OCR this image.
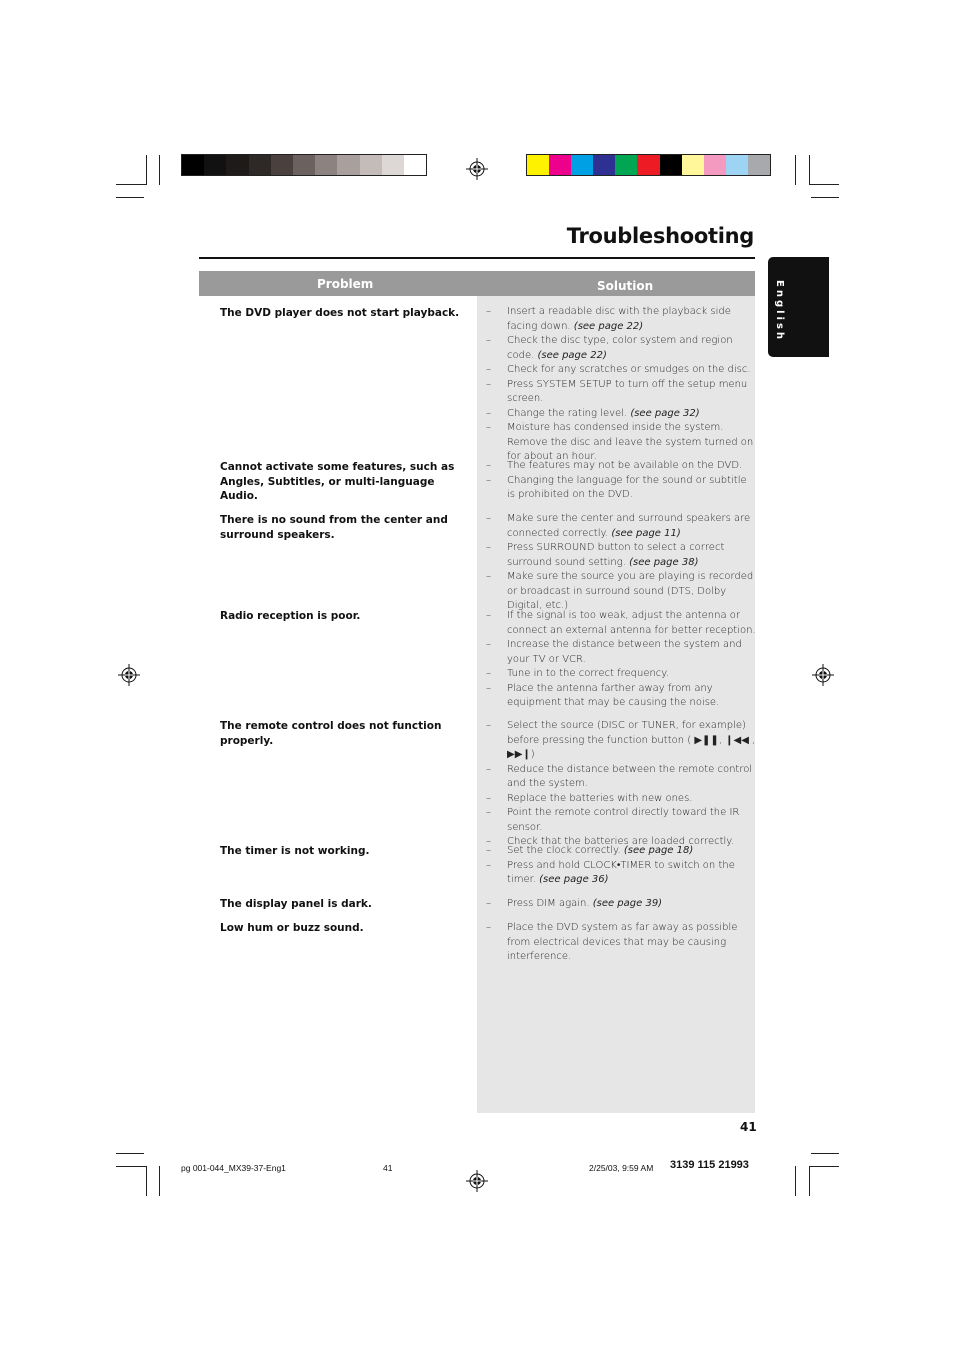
Troubleshooting
English
Problem	Solution
The DVD player does not start playback.	– Insert a readable disc with the playback side facing down. (see page 22)
– Check the disc type, color system and region code. (see page 22)
– Check for any scratches or smudges on the disc.
– Press SYSTEM SETUP to turn off the setup menu screen.
– Change the rating level. (see page 32)
– Moisture has condensed inside the system. Remove the disc and leave the system turned on for about an hour.
Cannot activate some features, such as Angles, Subtitles, or multi-language Audio.
– The features may not be available on the DVD.
– Changing the language for the sound or subtitle is prohibited on the DVD.
There is no sound from the center and surround speakers.
– Make sure the center and surround speakers are connected correctly. (see page 11)
– Press SURROUND button to select a correct surround sound setting. (see page 38)
– Make sure the source you are playing is recorded or broadcast in surround sound (DTS, Dolby Digital, etc.)
Radio reception is poor.	– If the signal is too weak, adjust the antenna or connect an external antenna for better reception.
– Increase the distance between the system and your TV or VCR.
– Tune in to the correct frequency.
– Place the antenna farther away from any equipment that may be causing the noise.
The remote control does not function properly.
– Select the source (DISC or TUNER, for example) before pressing the function button ( ▶❚❚, ❙◀◀ , ▶▶❙)
– Reduce the distance between the remote control and the system.
– Replace the batteries with new ones.
– Point the remote control directly toward the IR sensor.
– Check that the batteries are loaded correctly.
The timer is not working.	– Set the clock correctly. (see page 18)
– Press and hold CLOCK•TIMER to switch on the timer. (see page 36)
The display panel is dark.	– Press DIM again. (see page 39)
Low hum or buzz sound.	– Place the DVD system as far away as possible from electrical devices that may be causing interference.
41
pg 001-044_MX39-37-Eng1	41	2/25/03, 9:59 AM 3139 115 21993
